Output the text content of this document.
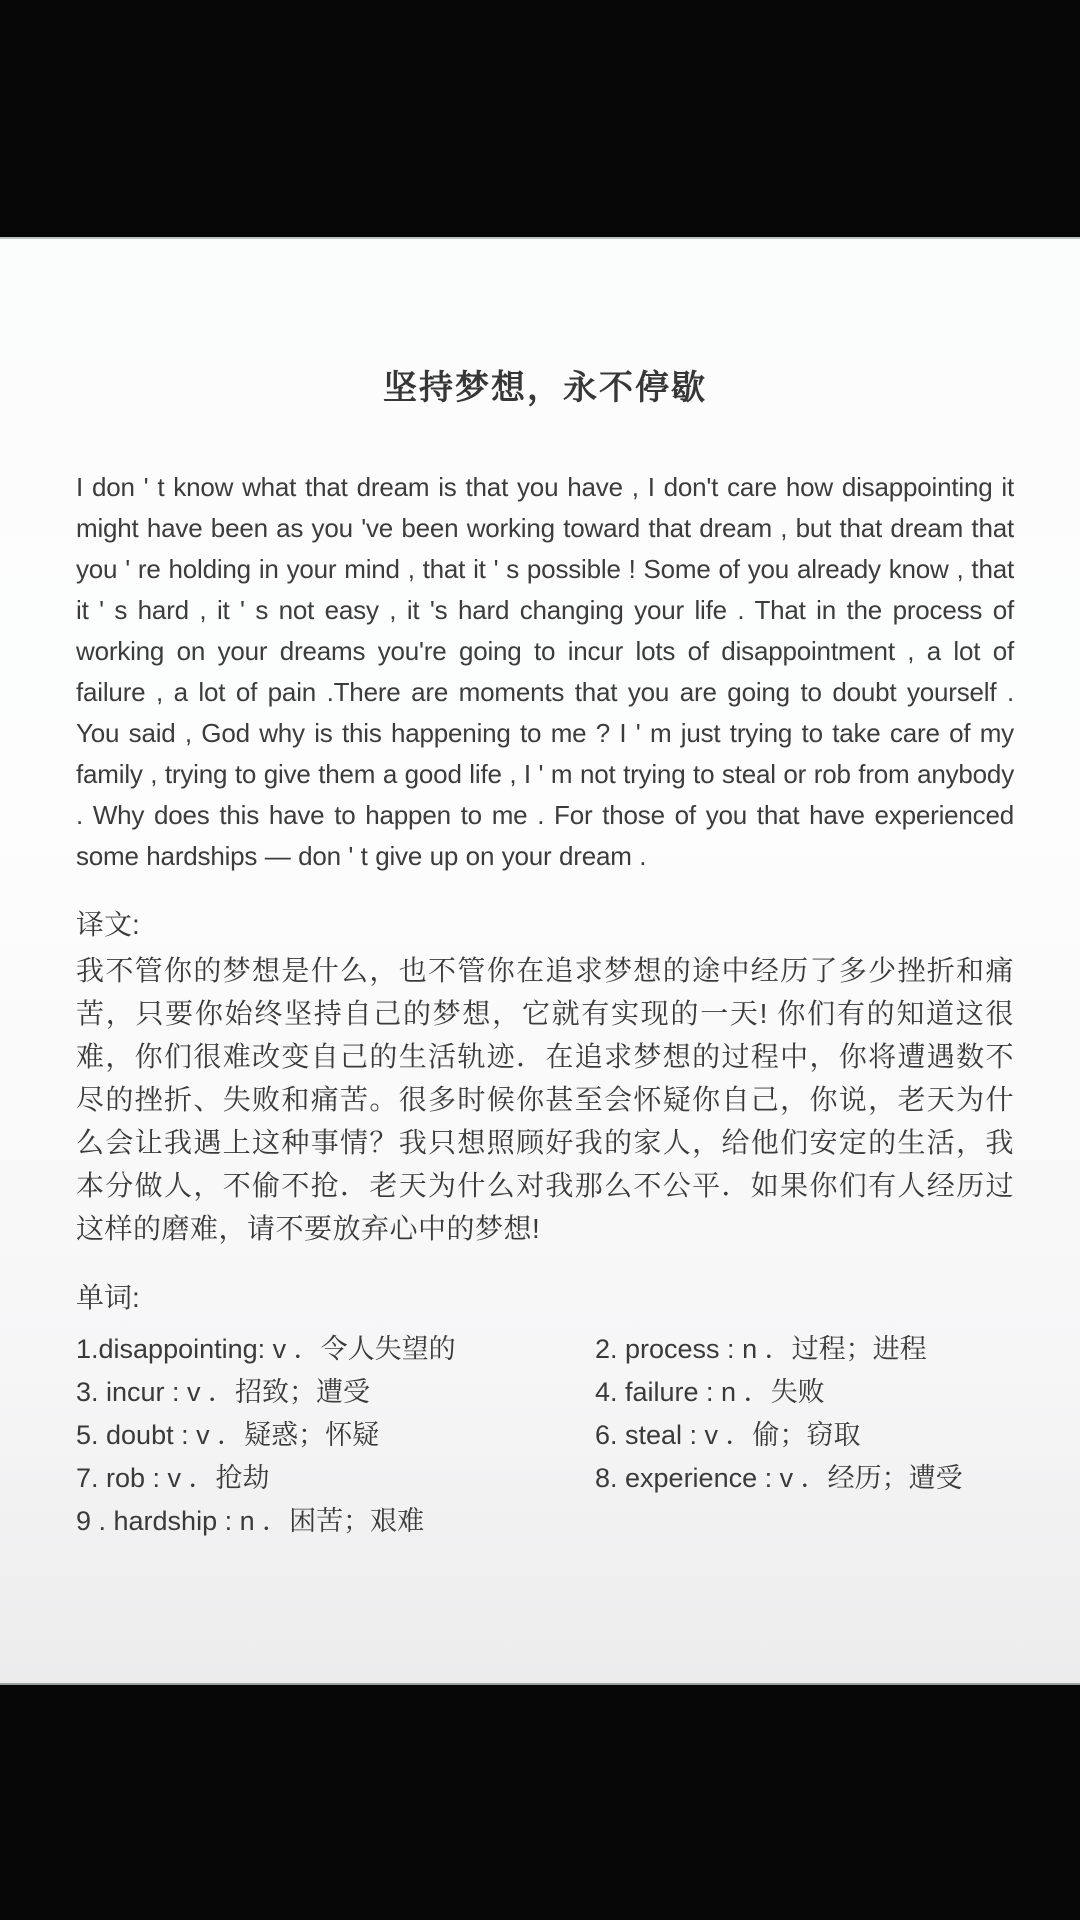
坚持梦想，永不停歇

I don ' t know what that dream is that you have , I don't care how disappointing it might have been as you 've been working toward that dream , but that dream that you ' re holding in your mind , that it ' s possible ! Some of you already know , that it ' s hard , it ' s not easy , it 's hard changing your life . That in the process of working on your dreams you're going to incur lots of disappointment , a lot of failure , a lot of pain .There are moments that you are going to doubt yourself . You said , God why is this happening to me ? I ' m just trying to take care of my family , trying to give them a good life , I ' m not trying to steal or rob from anybody . Why does this have to happen to me . For those of you that have experienced some hardships — don ' t give up on your dream .

译文:

我不管你的梦想是什么，也不管你在追求梦想的途中经历了多少挫折和痛苦，只要你始终坚持自己的梦想，它就有实现的一天! 你们有的知道这很难，你们很难改变自己的生活轨迹．在追求梦想的过程中，你将遭遇数不尽的挫折、失败和痛苦。很多时候你甚至会怀疑你自己，你说，老天为什么会让我遇上这种事情？我只想照顾好我的家人，给他们安定的生活，我本分做人，不偷不抢．老天为什么对我那么不公平．如果你们有人经历过这样的磨难，请不要放弃心中的梦想!

单词:
1.disappointing: v ．令人失望的	2. process : n ．过程；进程
3. incur : v ．招致；遭受	4. failure : n ．失败
5. doubt : v ．疑惑；怀疑	6. steal : v ．偷；窃取
7. rob : v ．抢劫	8. experience : v ．经历；遭受
9 . hardship : n ．困苦；艰难
